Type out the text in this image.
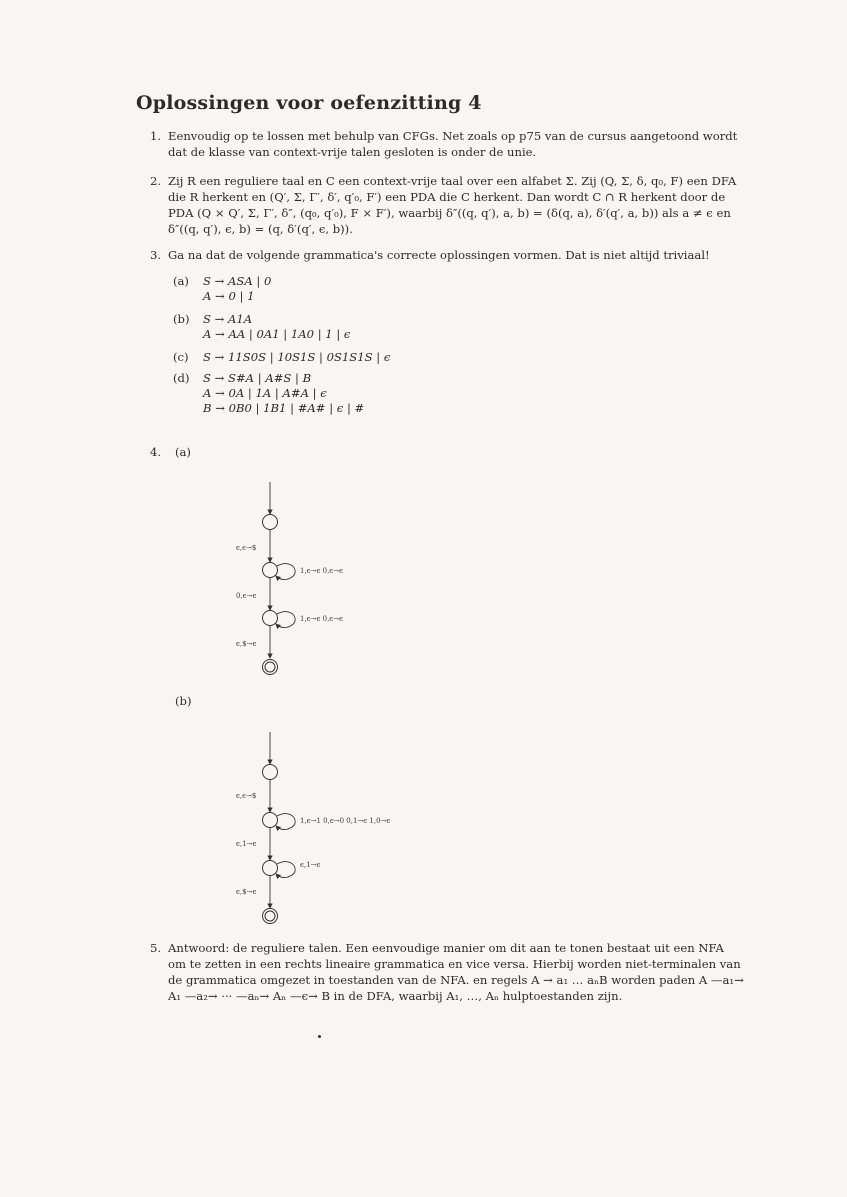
Oplossingen voor oefenzitting 4
1. Eenvoudig op te lossen met behulp van CFGs. Net zoals op p75 van de cursus aangetoond wordt

dat de klasse van context-vrije talen gesloten is onder de unie.

2. Zij R een reguliere taal en C een context-vrije taal over een alfabet Σ. Zij (Q, Σ, δ, q₀, F) een DFA

die R herkent en (Q′, Σ, Γ′, δ′, q′₀, F′) een PDA die C herkent. Dan wordt C ∩ R herkent door de

PDA (Q × Q′, Σ, Γ′, δ″, (q₀, q′₀), F × F′), waarbij δ″((q, q′), a, b) = (δ(q, a), δ′(q′, a, b)) als a ≠ ϵ en

δ″((q, q′), ϵ, b) = (q, δ′(q′, ϵ, b)).

3. Ga na dat de volgende grammatica's correcte oplossingen vormen. Dat is niet altijd triviaal!

(a) S → ASA | 0
A → 0 | 1
(b) S → A1A
A → AA | 0A1 | 1A0 | 1 | ϵ
(c) S → 11S0S | 10S1S | 0S1S1S | ϵ
(d) S → S#A | A#S | B
A → 0A | 1A | A#A | ϵ
B → 0B0 | 1B1 | #A# | ϵ | #
4. (a)
ϵ,ϵ→$
1,ϵ→ϵ 0,ϵ→ϵ
0,ϵ→ϵ
1,ϵ→ϵ 0,ϵ→ϵ
ϵ,$→ϵ
(b)
ϵ,ϵ→$
1,ϵ→1 0,ϵ→0 0,1→ϵ 1,0→ϵ
ϵ,1→ϵ
ϵ,1→ϵ
ϵ,$→ϵ
5. Antwoord: de reguliere talen. Een eenvoudige manier om dit aan te tonen bestaat uit een NFA

om te zetten in een rechts lineaire grammatica en vice versa. Hierbij worden niet-terminalen van

de grammatica omgezet in toestanden van de NFA. en regels A → a₁ … aₙB worden paden A —a₁→

A₁ —a₂→ ··· —aₙ→ Aₙ —ϵ→ B in de DFA, waarbij A₁, …, Aₙ hulptoestanden zijn.
